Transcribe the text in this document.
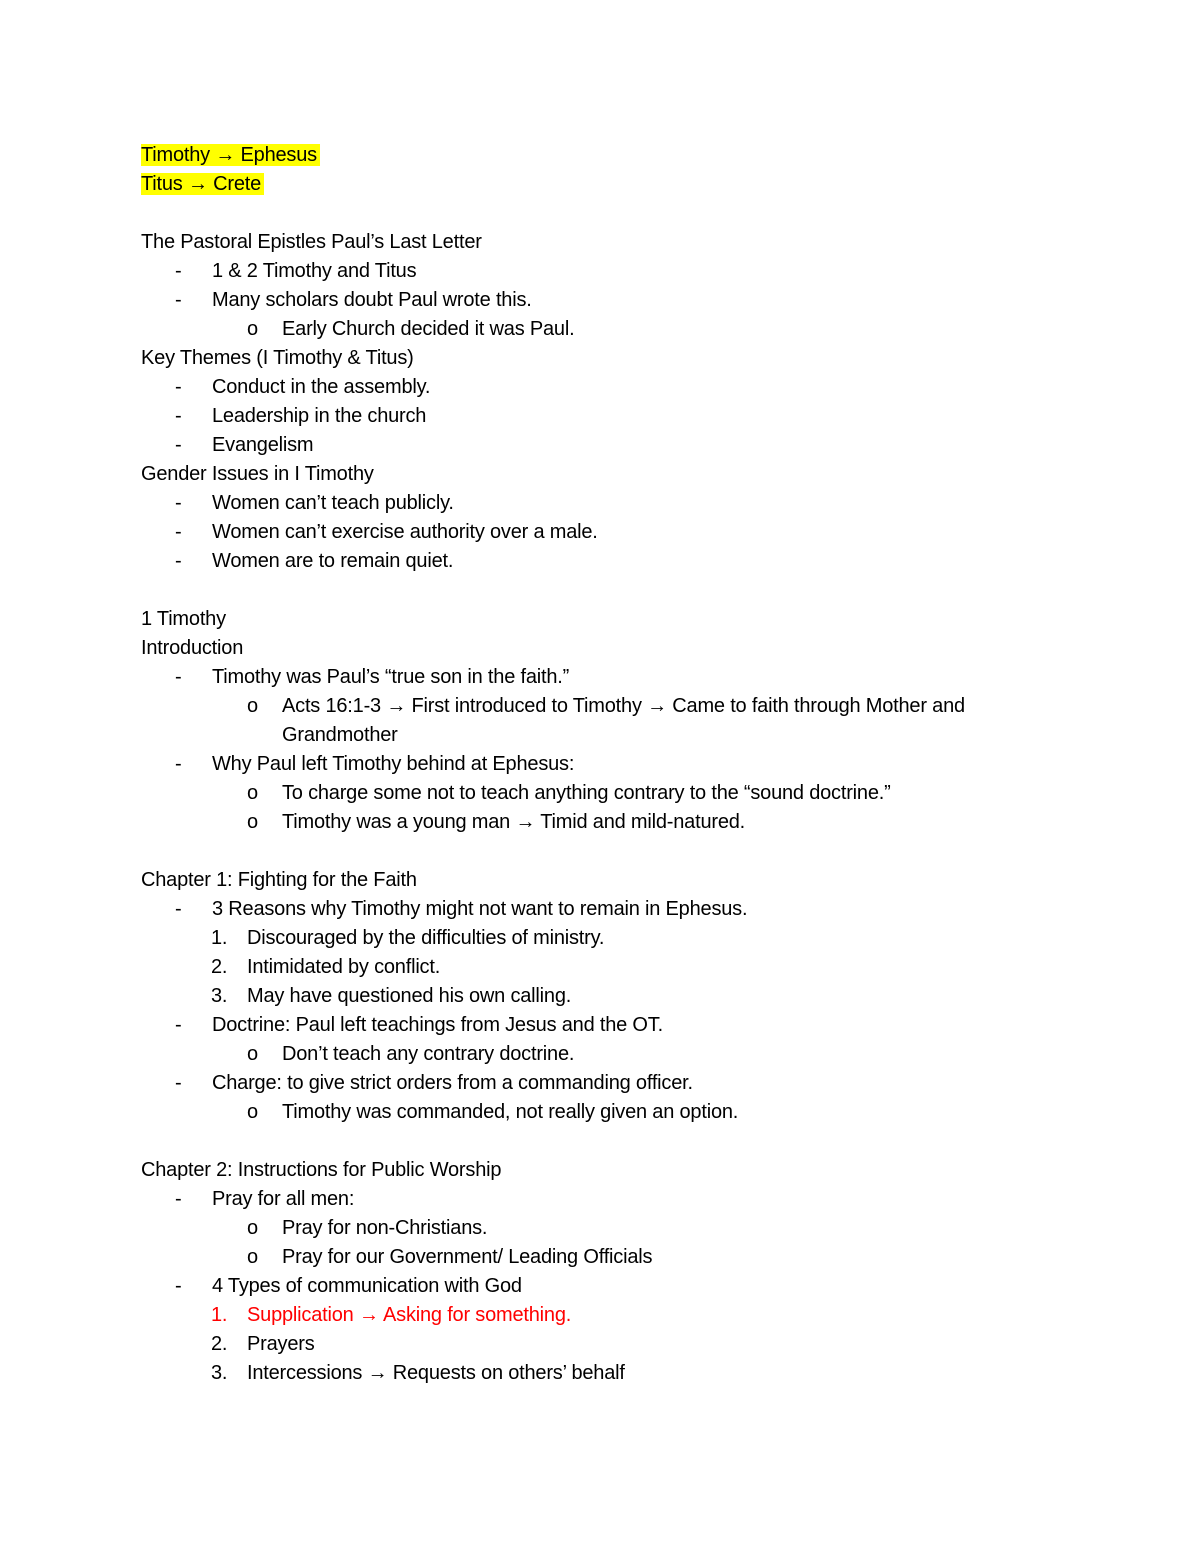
Timothy → Ephesus
Titus → Crete
The Pastoral Epistles Paul’s Last Letter
- 1 & 2 Timothy and Titus
- Many scholars doubt Paul wrote this.
o Early Church decided it was Paul.
Key Themes (I Timothy & Titus)
- Conduct in the assembly.
- Leadership in the church
- Evangelism
Gender Issues in I Timothy
- Women can’t teach publicly.
- Women can’t exercise authority over a male.
- Women are to remain quiet.
1 Timothy
Introduction
- Timothy was Paul’s “true son in the faith.”
o Acts 16:1-3 → First introduced to Timothy → Came to faith through Mother and
Grandmother
- Why Paul left Timothy behind at Ephesus:
o To charge some not to teach anything contrary to the “sound doctrine.”
o Timothy was a young man → Timid and mild-natured.
Chapter 1: Fighting for the Faith
- 3 Reasons why Timothy might not want to remain in Ephesus.
1. Discouraged by the difficulties of ministry.
2. Intimidated by conflict.
3. May have questioned his own calling.
- Doctrine: Paul left teachings from Jesus and the OT.
o Don’t teach any contrary doctrine.
- Charge: to give strict orders from a commanding officer.
o Timothy was commanded, not really given an option.
Chapter 2: Instructions for Public Worship
- Pray for all men:
o Pray for non-Christians.
o Pray for our Government/ Leading Officials
- 4 Types of communication with God
1. Supplication → Asking for something.
2. Prayers
3. Intercessions → Requests on others’ behalf
